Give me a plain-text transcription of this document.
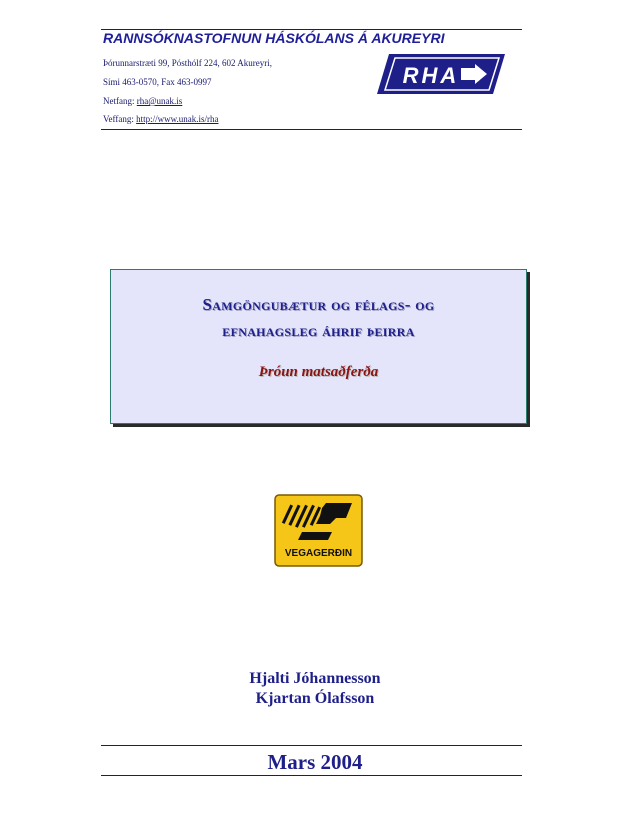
RANNSÓKNASTOFNUN HÁSKÓLANS Á AKUREYRI
Þórunnarstræti 99, Pósthólf 224, 602 Akureyri,
Sími 463-0570, Fax 463-0997
Netfang: rha@unak.is
Veffang: http://www.unak.is/rha
RHA
Samgöngubætur og félags- og
efnahagsleg áhrif þeirra
Þróun matsaðferða
VEGAGERÐIN
Hjalti Jóhannesson
Kjartan Ólafsson
Mars 2004
